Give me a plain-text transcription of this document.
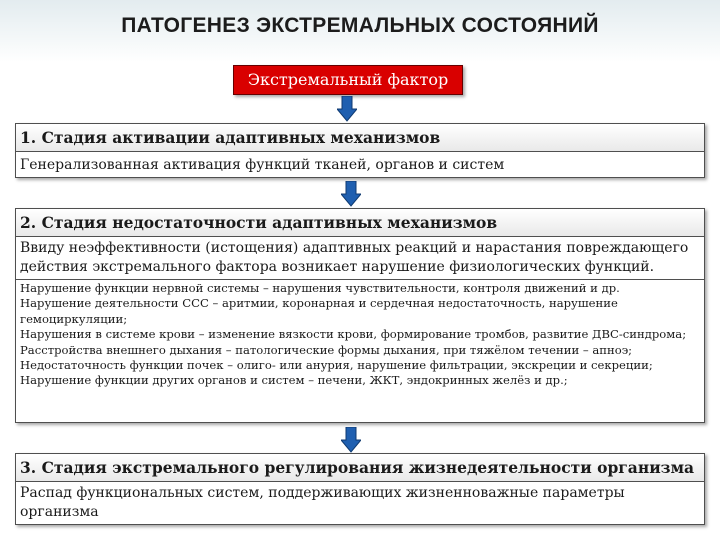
ПАТОГЕНЕЗ ЭКСТРЕМАЛЬНЫХ СОСТОЯНИЙ
Экстремальный фактор
1. Стадия активации адаптивных механизмов
Генерализованная активация функций тканей, органов и систем
2. Стадия недостаточности адаптивных механизмов
Ввиду неэффективности (истощения) адаптивных реакций и нарастания повреждающего действия экстремального фактора возникает нарушение физиологических функций.
Нарушение функции нервной системы – нарушения чувствительности, контроля движений и др.
Нарушение деятельности ССС – аритмии, коронарная и сердечная недостаточность, нарушение гемоциркуляции;
Нарушения в системе крови – изменение вязкости крови, формирование тромбов, развитие ДВС-синдрома;
Расстройства внешнего дыхания – патологические формы дыхания, при тяжёлом течении – апноэ;
Недостаточность функции почек – олиго- или анурия, нарушение фильтрации, экскреции и секреции;
Нарушение функции других органов и систем – печени, ЖКТ, эндокринных желёз и др.;
3. Стадия экстремального регулирования жизнедеятельности организма
Распад функциональных систем, поддерживающих жизненноважные параметры организма
